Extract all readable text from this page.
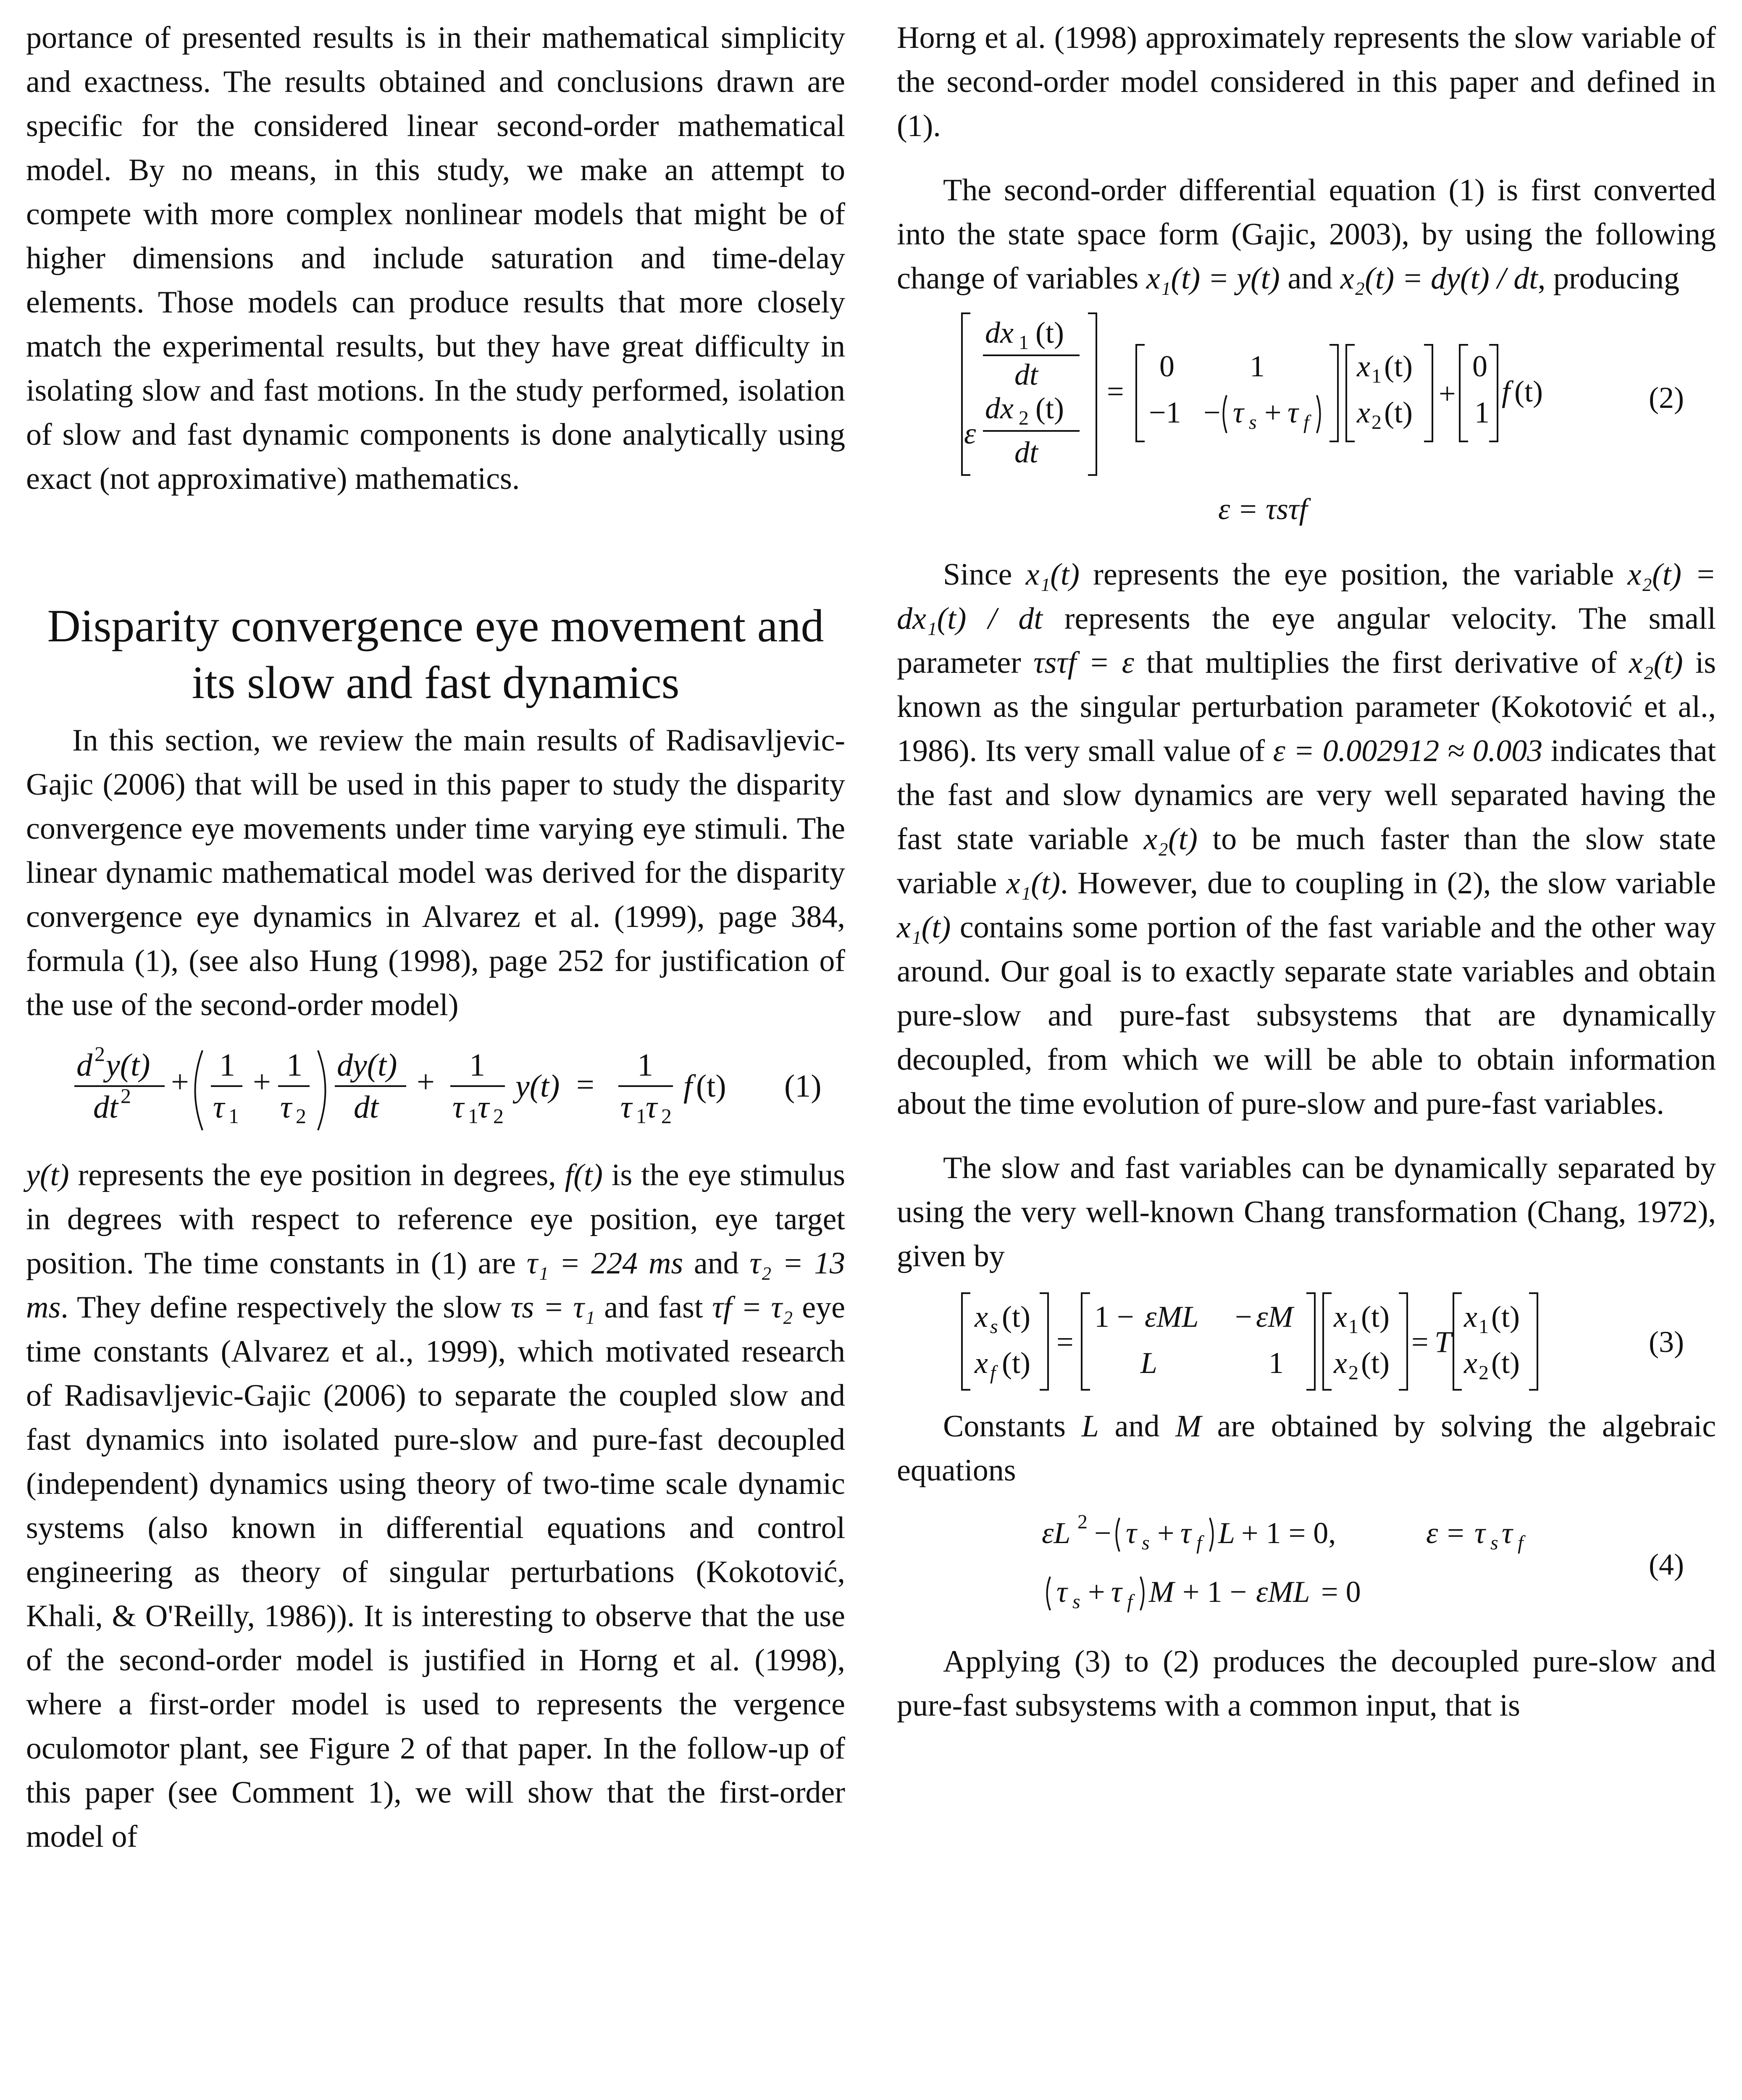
portance of presented results is in their mathematical simplicity and exactness. The results obtained and conclusions drawn are specific for the considered linear second-order mathematical model. By no means, in this study, we make an attempt to compete with more complex nonlinear models that might be of higher dimensions and include saturation and time-delay elements. Those models can produce results that more closely match the experimental results, but they have great difficulty in isolating slow and fast motions. In the study performed, isolation of slow and fast dynamic components is done analytically using exact (not approximative) mathematics.

Disparity convergence eye movement and its slow and fast dynamics

In this section, we review the main results of Radisavljevic-Gajic (2006) that will be used in this paper to study the disparity convergence eye movements under time varying eye stimuli. The linear dynamic mathematical model was derived for the disparity convergence eye dynamics in Alvarez et al. (1999), page 384, formula (1), (see also Hung (1998), page 252 for justification of the use of the second-order model)

d 2 y(t)
dt 2 + 1
τ 1
+ 1
τ 2
dy(t)
dt
+ 1
τ 1
τ 2
y(t) =
1
τ 1
τ 2
f (t) (1)

y(t) represents the eye position in degrees, f(t) is the eye stimulus in degrees with respect to reference eye position, eye target position. The time constants in (1) are τ₁ = 224 ms and τ₂ = 13 ms. They define respectively the slow τs = τ₁ and fast τf = τ₂ eye time constants (Alvarez et al., 1999), which motivated research of Radisavljevic-Gajic (2006) to separate the coupled slow and fast dynamics into isolated pure-slow and pure-fast decoupled (independent) dynamics using theory of two-time scale dynamic systems (also known in differential equations and control engineering as theory of singular perturbations (Kokotović, Khali, & O'Reilly, 1986)). It is interesting to observe that the use of the second-order model is justified in Horng et al. (1998), where a first-order model is used to represents the vergence oculomotor plant, see Figure 2 of that paper. In the follow-up of this paper (see Comment 1), we will show that the first-order model of

Horng et al. (1998) approximately represents the slow variable of the second-order model considered in this paper and defined in (1).

The second-order differential equation (1) is first converted into the state space form (Gajic, 2003), by using the following change of variables x₁(t) = y(t) and x₂(t) = dy(t) / dt, producing

dx (t)
1
dt
ε
dx 2 (t)
dt
=
0 1
−1 − τ s + τ f
x 1 (t)
x 2 (t)
+
0
1
f (t)	(2)
ε = τsτf

Since x₁(t) represents the eye position, the variable x₂(t) = dx₁(t) / dt represents the eye angular velocity. The small parameter τsτf = ε that multiplies the first derivative of x₂(t) is known as the singular perturbation parameter (Kokotović et al., 1986). Its very small value of ε = 0.002912 ≈ 0.003 indicates that the fast and slow dynamics are very well separated having the fast state variable x₂(t) to be much faster than the slow state variable x₁(t). However, due to coupling in (2), the slow variable x₁(t) contains some portion of the fast variable and the other way around. Our goal is to exactly separate state variables and obtain pure-slow and pure-fast subsystems that are dynamically decoupled, from which we will be able to obtain information about the time evolution of pure-slow and pure-fast variables.

The slow and fast variables can be dynamically separated by using the very well-known Chang transformation (Chang, 1972), given by

x s (t)
x f (t)
=
1 − εML − εM
L	1
x 1 (t)
x 2 (t)
= T
x 1 (t)
x 2 (t)
(3)

Constants L and M are obtained by solving the algebraic equations

εL 2 − τ s + τ f L + 1 = 0,	ε = τ s τ f
τ s + τ f M + 1 − εML = 0
(4)

Applying (3) to (2) produces the decoupled pure-slow and pure-fast subsystems with a common input, that is
